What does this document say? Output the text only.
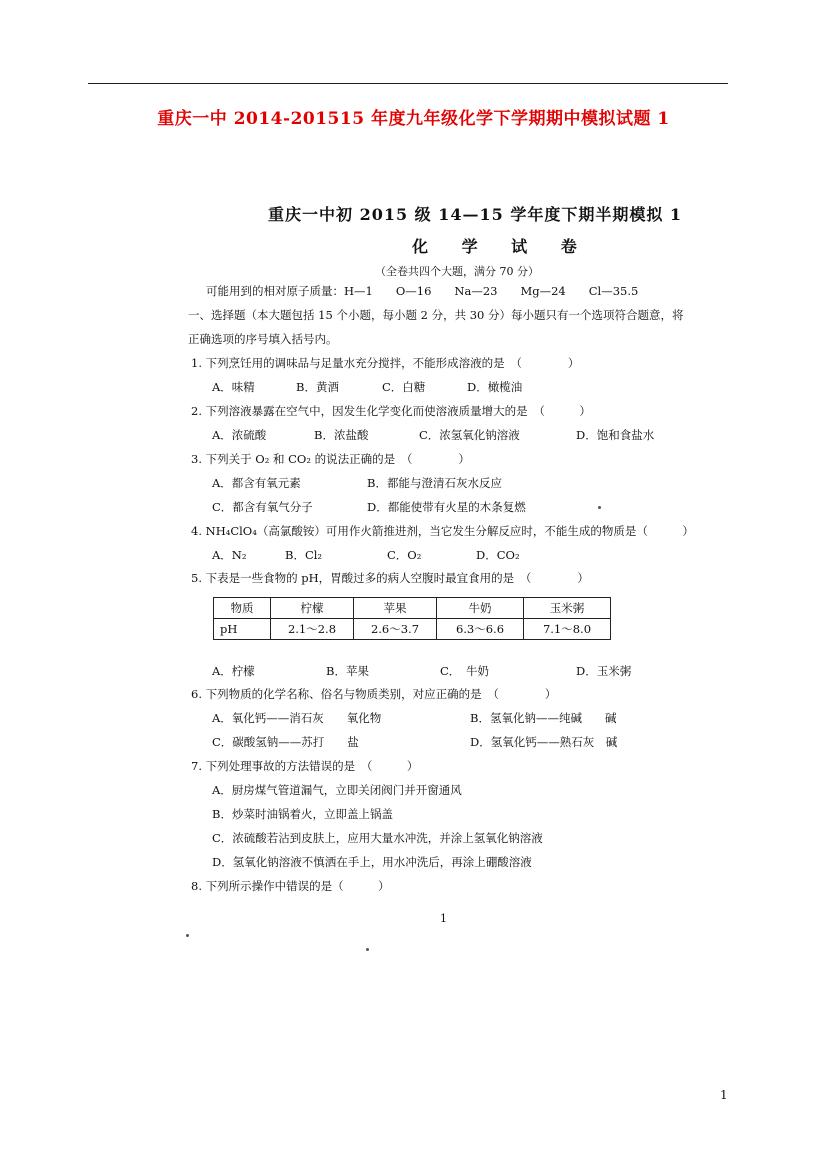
重庆一中 2014-201515 年度九年级化学下学期期中模拟试题 1
重庆一中初 2015 级 14—15 学年度下期半期模拟 1
化 学 试 卷
（全卷共四个大题，满分 70 分）
可能用到的相对原子质量：H—1　　O—16　　Na—23　　Mg—24　　Cl—35.5
一、选择题（本大题包括 15 个小题，每小题 2 分，共 30 分）每小题只有一个选项符合题意，将
正确选项的序号填入括号内。
1. 下列烹饪用的调味品与足量水充分搅拌，不能形成溶液的是　（　　　　）
A．味精	B．黄酒	C．白糖	D．橄榄油
2. 下列溶液暴露在空气中，因发生化学变化而使溶液质量增大的是　（　　　）
A．浓硫酸	B．浓盐酸	C．浓氢氧化钠溶液	D．饱和食盐水
3. 下列关于 O₂ 和 CO₂ 的说法正确的是　（　　　　）
A．都含有氧元素	B．都能与澄清石灰水反应
C．都含有氧气分子	D．都能使带有火星的木条复燃
4. NH₄ClO₄（高氯酸铵）可用作火箭推进剂，当它发生分解反应时，不能生成的物质是（　　　）
A．N₂	B．Cl₂	C．O₂	D．CO₂
5. 下表是一些食物的 pH，胃酸过多的病人空腹时最宜食用的是　（　　　　）
物质	柠檬	苹果	牛奶	玉米粥
pH	2.1～2.8	2.6～3.7	6.3～6.6	7.1～8.0
A．柠檬	B．苹果	C．　牛奶	D．玉米粥
6. 下列物质的化学名称、俗名与物质类别，对应正确的是　（　　　　）
A．氧化钙——消石灰　　氧化物	B．氢氧化钠——纯碱　　碱
C．碳酸氢钠——苏打　　盐	D．氢氧化钙——熟石灰　碱
7. 下列处理事故的方法错误的是　（　　　）
A．厨房煤气管道漏气，立即关闭阀门并开窗通风
B．炒菜时油锅着火，立即盖上锅盖
C．浓硫酸若沾到皮肤上，应用大量水冲洗，并涂上氢氧化钠溶液
D．氢氧化钠溶液不慎洒在手上，用水冲洗后，再涂上硼酸溶液
8. 下列所示操作中错误的是（　　　）
1
1
